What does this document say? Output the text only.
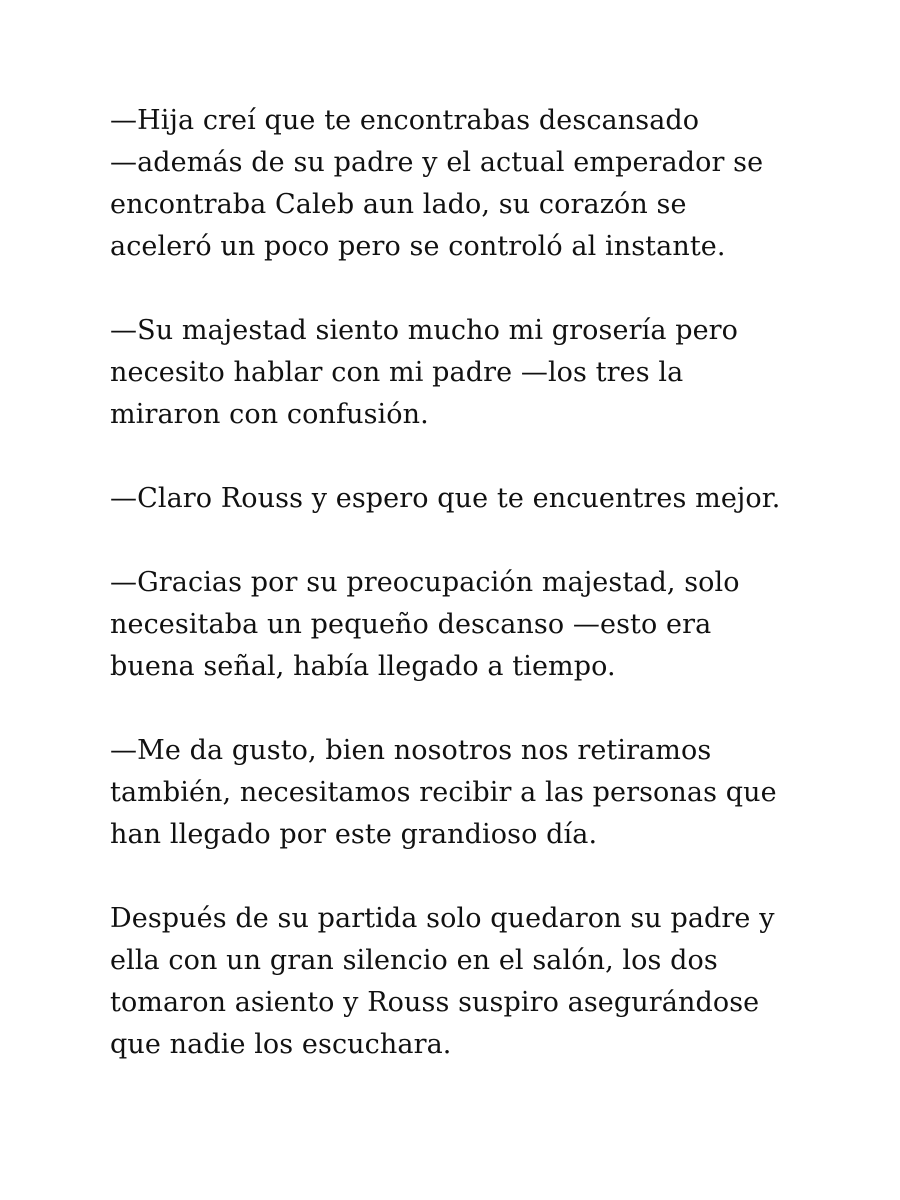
—Hija creí que te encontrabas descansado
—además de su padre y el actual emperador se
encontraba Caleb aun lado, su corazón se
aceleró un poco pero se controló al instante.

—Su majestad siento mucho mi grosería pero
necesito hablar con mi padre —los tres la
miraron con confusión.

—Claro Rouss y espero que te encuentres mejor.

—Gracias por su preocupación majestad, solo
necesitaba un pequeño descanso —esto era
buena señal, había llegado a tiempo.

—Me da gusto, bien nosotros nos retiramos
también, necesitamos recibir a las personas que
han llegado por este grandioso día.

Después de su partida solo quedaron su padre y
ella con un gran silencio en el salón, los dos
tomaron asiento y Rouss suspiro asegurándose
que nadie los escuchara.
